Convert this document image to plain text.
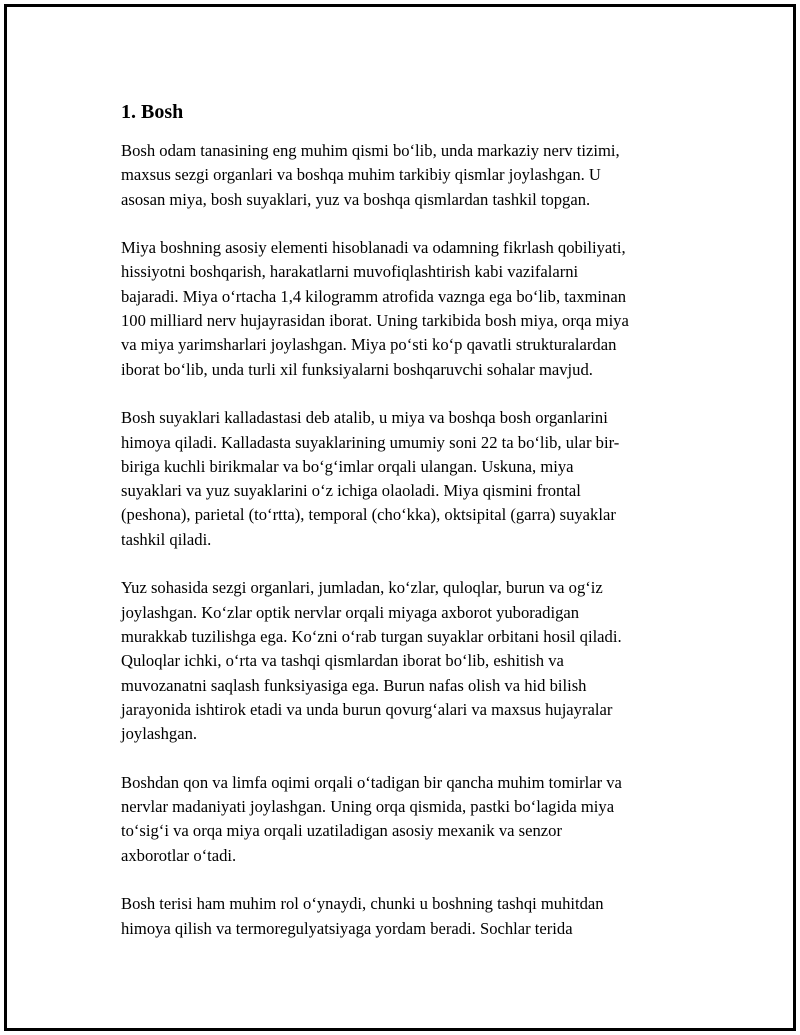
1. Bosh
Bosh odam tanasining eng muhim qismi bo‘lib, unda markaziy nerv tizimi,
maxsus sezgi organlari va boshqa muhim tarkibiy qismlar joylashgan. U
asosan miya, bosh suyaklari, yuz va boshqa qismlardan tashkil topgan.
Miya boshning asosiy elementi hisoblanadi va odamning fikrlash qobiliyati,
hissiyotni boshqarish, harakatlarni muvofiqlashtirish kabi vazifalarni
bajaradi. Miya o‘rtacha 1,4 kilogramm atrofida vaznga ega bo‘lib, taxminan
100 milliard nerv hujayrasidan iborat. Uning tarkibida bosh miya, orqa miya
va miya yarimsharlari joylashgan. Miya po‘sti ko‘p qavatli strukturalardan
iborat bo‘lib, unda turli xil funksiyalarni boshqaruvchi sohalar mavjud.
Bosh suyaklari kalladastasi deb atalib, u miya va boshqa bosh organlarini
himoya qiladi. Kalladasta suyaklarining umumiy soni 22 ta bo‘lib, ular bir-
biriga kuchli birikmalar va bo‘g‘imlar orqali ulangan. Uskuna, miya
suyaklari va yuz suyaklarini o‘z ichiga olaoladi. Miya qismini frontal
(peshona), parietal (to‘rtta), temporal (cho‘kka), oktsipital (garra) suyaklar
tashkil qiladi.
Yuz sohasida sezgi organlari, jumladan, ko‘zlar, quloqlar, burun va og‘iz
joylashgan. Ko‘zlar optik nervlar orqali miyaga axborot yuboradigan
murakkab tuzilishga ega. Ko‘zni o‘rab turgan suyaklar orbitani hosil qiladi.
Quloqlar ichki, o‘rta va tashqi qismlardan iborat bo‘lib, eshitish va
muvozanatni saqlash funksiyasiga ega. Burun nafas olish va hid bilish
jarayonida ishtirok etadi va unda burun qovurg‘alari va maxsus hujayralar
joylashgan.
Boshdan qon va limfa oqimi orqali o‘tadigan bir qancha muhim tomirlar va
nervlar madaniyati joylashgan. Uning orqa qismida, pastki bo‘lagida miya
to‘sig‘i va orqa miya orqali uzatiladigan asosiy mexanik va senzor
axborotlar o‘tadi.
Bosh terisi ham muhim rol o‘ynaydi, chunki u boshning tashqi muhitdan
himoya qilish va termoregulyatsiyaga yordam beradi. Sochlar terida
